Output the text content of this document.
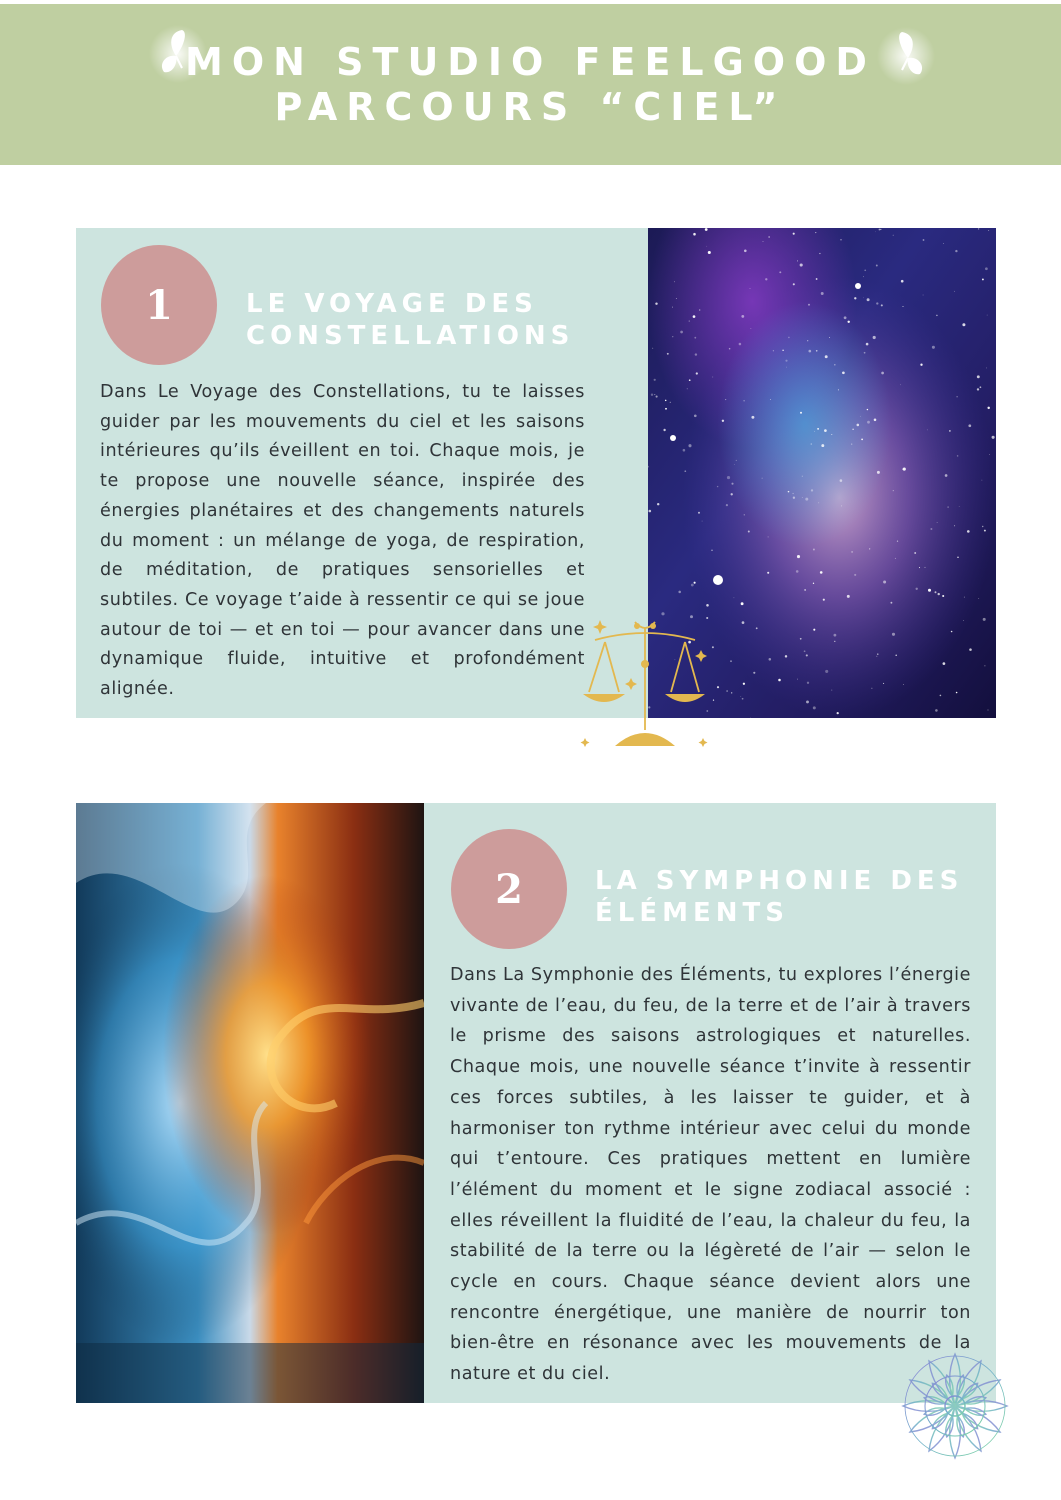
MON STUDIO FEELGOOD
PARCOURS “CIEL”
1	LE VOYAGE DES
CONSTELLATIONS
Dans Le Voyage des Constellations, tu te laisses guider par les mouvements du ciel et les saisons intérieures qu’ils éveillent en toi. Chaque mois, je te propose une nouvelle séance, inspirée des énergies planétaires et des changements naturels du moment : un mélange de yoga, de respiration, de méditation, de pratiques sensorielles et subtiles. Ce voyage t’aide à ressentir ce qui se joue autour de toi — et en toi — pour avancer dans une dynamique fluide, intuitive et profondément alignée.
2	LA SYMPHONIE DES
ÉLÉMENTS
Dans La Symphonie des Éléments, tu explores l’énergie vivante de l’eau, du feu, de la terre et de l’air à travers le prisme des saisons astrologiques et naturelles. Chaque mois, une nouvelle séance t’invite à ressentir ces forces subtiles, à les laisser te guider, et à harmoniser ton rythme intérieur avec celui du monde qui t’entoure. Ces pratiques mettent en lumière l’élément du moment et le signe zodiacal associé : elles réveillent la fluidité de l’eau, la chaleur du feu, la stabilité de la terre ou la légèreté de l’air — selon le cycle en cours. Chaque séance devient alors une rencontre énergétique, une manière de nourrir ton bien-être en résonance avec les mouvements de la nature et du ciel.
